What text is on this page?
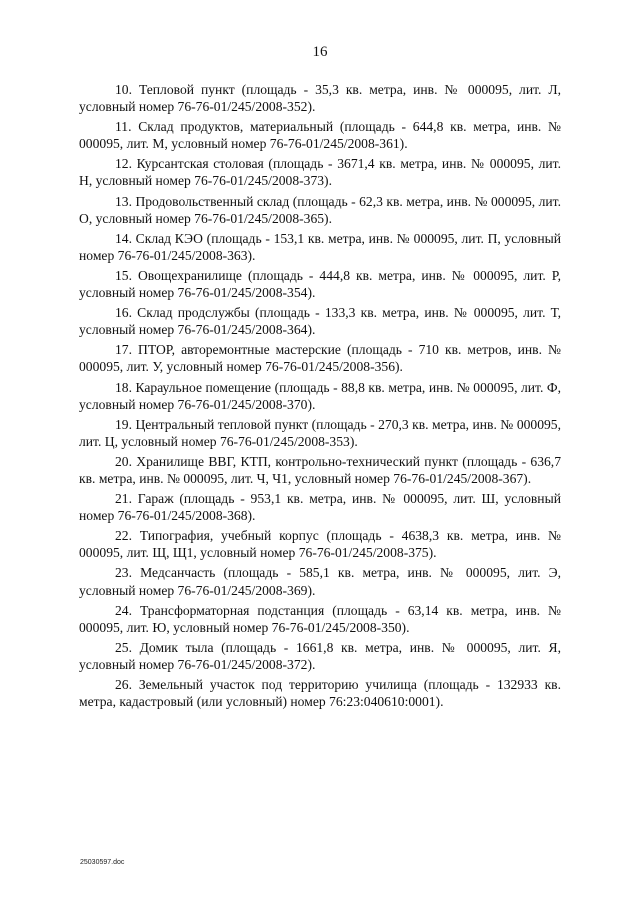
16

10. Тепловой пункт (площадь - 35,3 кв. метра, инв. № 000095, лит. Л, условный номер 76-76-01/245/2008-352).

11. Склад продуктов, материальный (площадь - 644,8 кв. метра, инв. № 000095, лит. М, условный номер 76-76-01/245/2008-361).

12. Курсантская столовая (площадь - 3671,4 кв. метра, инв. № 000095, лит. Н, условный номер 76-76-01/245/2008-373).

13. Продовольственный склад (площадь - 62,3 кв. метра, инв. № 000095, лит. О, условный номер 76-76-01/245/2008-365).

14. Склад КЭО (площадь - 153,1 кв. метра, инв. № 000095, лит. П, условный номер 76-76-01/245/2008-363).

15. Овощехранилище (площадь - 444,8 кв. метра, инв. № 000095, лит. Р, условный номер 76-76-01/245/2008-354).

16. Склад продслужбы (площадь - 133,3 кв. метра, инв. № 000095, лит. Т, условный номер 76-76-01/245/2008-364).

17. ПТОР, авторемонтные мастерские (площадь - 710 кв. метров, инв. № 000095, лит. У, условный номер 76-76-01/245/2008-356).

18. Караульное помещение (площадь - 88,8 кв. метра, инв. № 000095, лит. Ф, условный номер 76-76-01/245/2008-370).

19. Центральный тепловой пункт (площадь - 270,3 кв. метра, инв. № 000095, лит. Ц, условный номер 76-76-01/245/2008-353).

20. Хранилище ВВГ, КТП, контрольно-технический пункт (площадь - 636,7 кв. метра, инв. № 000095, лит. Ч, Ч1, условный номер 76-76-01/245/2008-367).

21. Гараж (площадь - 953,1 кв. метра, инв. № 000095, лит. Ш, условный номер 76-76-01/245/2008-368).

22. Типография, учебный корпус (площадь - 4638,3 кв. метра, инв. № 000095, лит. Щ, Щ1, условный номер 76-76-01/245/2008-375).

23. Медсанчасть (площадь - 585,1 кв. метра, инв. № 000095, лит. Э, условный номер 76-76-01/245/2008-369).

24. Трансформаторная подстанция (площадь - 63,14 кв. метра, инв. № 000095, лит. Ю, условный номер 76-76-01/245/2008-350).

25. Домик тыла (площадь - 1661,8 кв. метра, инв. № 000095, лит. Я, условный номер 76-76-01/245/2008-372).

26. Земельный участок под территорию училища (площадь - 132933 кв. метра, кадастровый (или условный) номер 76:23:040610:0001).

25030597.doc
